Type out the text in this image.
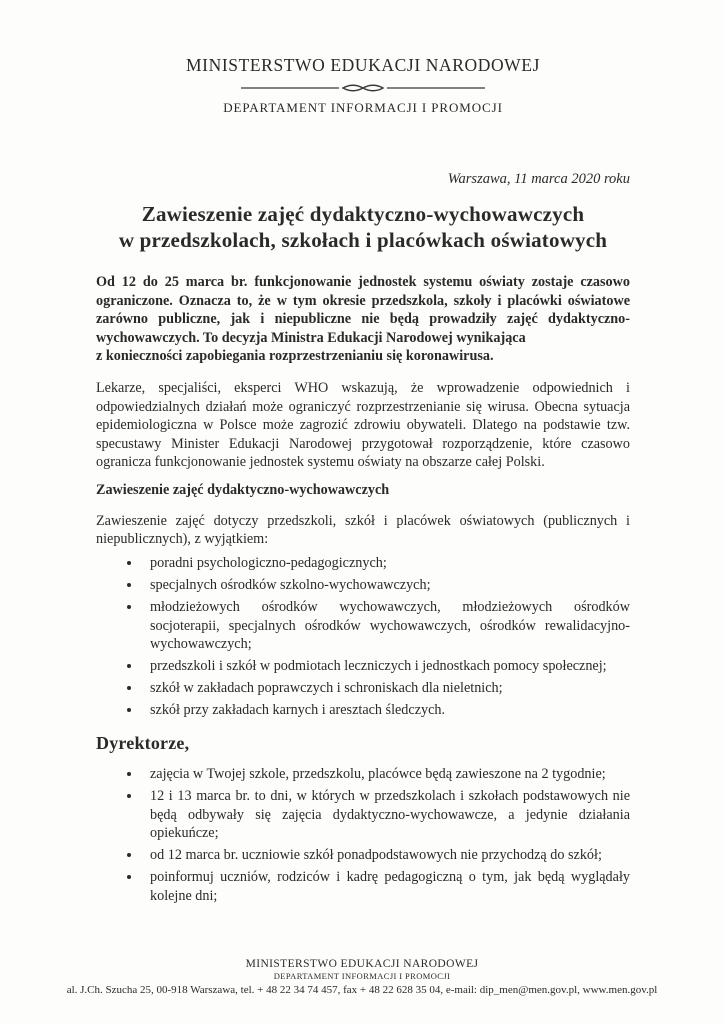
MINISTERSTWO EDUKACJI NARODOWEJ
DEPARTAMENT INFORMACJI I PROMOCJI
Warszawa, 11 marca 2020 roku
Zawieszenie zajęć dydaktyczno-wychowawczych
w przedszkolach, szkołach i placówkach oświatowych

Od 12 do 25 marca br. funkcjonowanie jednostek systemu oświaty zostaje czasowo ograniczone. Oznacza to, że w tym okresie przedszkola, szkoły i placówki oświatowe zarówno publiczne, jak i niepubliczne nie będą prowadziły zajęć dydaktyczno-wychowawczych. To decyzja Ministra Edukacji Narodowej wynikająca
z konieczności zapobiegania rozprzestrzenianiu się koronawirusa.

Lekarze, specjaliści, eksperci WHO wskazują, że wprowadzenie odpowiednich i odpowiedzialnych działań może ograniczyć rozprzestrzenianie się wirusa. Obecna sytuacja epidemiologiczna w Polsce może zagrozić zdrowiu obywateli. Dlatego na podstawie tzw. specustawy Minister Edukacji Narodowej przygotował rozporządzenie, które czasowo ogranicza funkcjonowanie jednostek systemu oświaty na obszarze całej Polski.

Zawieszenie zajęć dydaktyczno-wychowawczych

Zawieszenie zajęć dotyczy przedszkoli, szkół i placówek oświatowych (publicznych i niepublicznych), z wyjątkiem:

• poradni psychologiczno-pedagogicznych;
• specjalnych ośrodków szkolno-wychowawczych;
• młodzieżowych ośrodków wychowawczych, młodzieżowych ośrodków socjoterapii, specjalnych ośrodków wychowawczych, ośrodków rewalidacyjno-wychowawczych;
• przedszkoli i szkół w podmiotach leczniczych i jednostkach pomocy społecznej;
• szkół w zakładach poprawczych i schroniskach dla nieletnich;
• szkół przy zakładach karnych i aresztach śledczych.
Dyrektorze,
• zajęcia w Twojej szkole, przedszkolu, placówce będą zawieszone na 2 tygodnie;
• 12 i 13 marca br. to dni, w których w przedszkolach i szkołach podstawowych nie będą odbywały się zajęcia dydaktyczno-wychowawcze, a jedynie działania opiekuńcze;
• od 12 marca br. uczniowie szkół ponadpodstawowych nie przychodzą do szkół;
• poinformuj uczniów, rodziców i kadrę pedagogiczną o tym, jak będą wyglądały kolejne dni;
MINISTERSTWO EDUKACJI NARODOWEJ
DEPARTAMENT INFORMACJI I PROMOCJI
al. J.Ch. Szucha 25, 00-918 Warszawa, tel. + 48 22 34 74 457, fax + 48 22 628 35 04, e-mail: dip_men@men.gov.pl, www.men.gov.pl
